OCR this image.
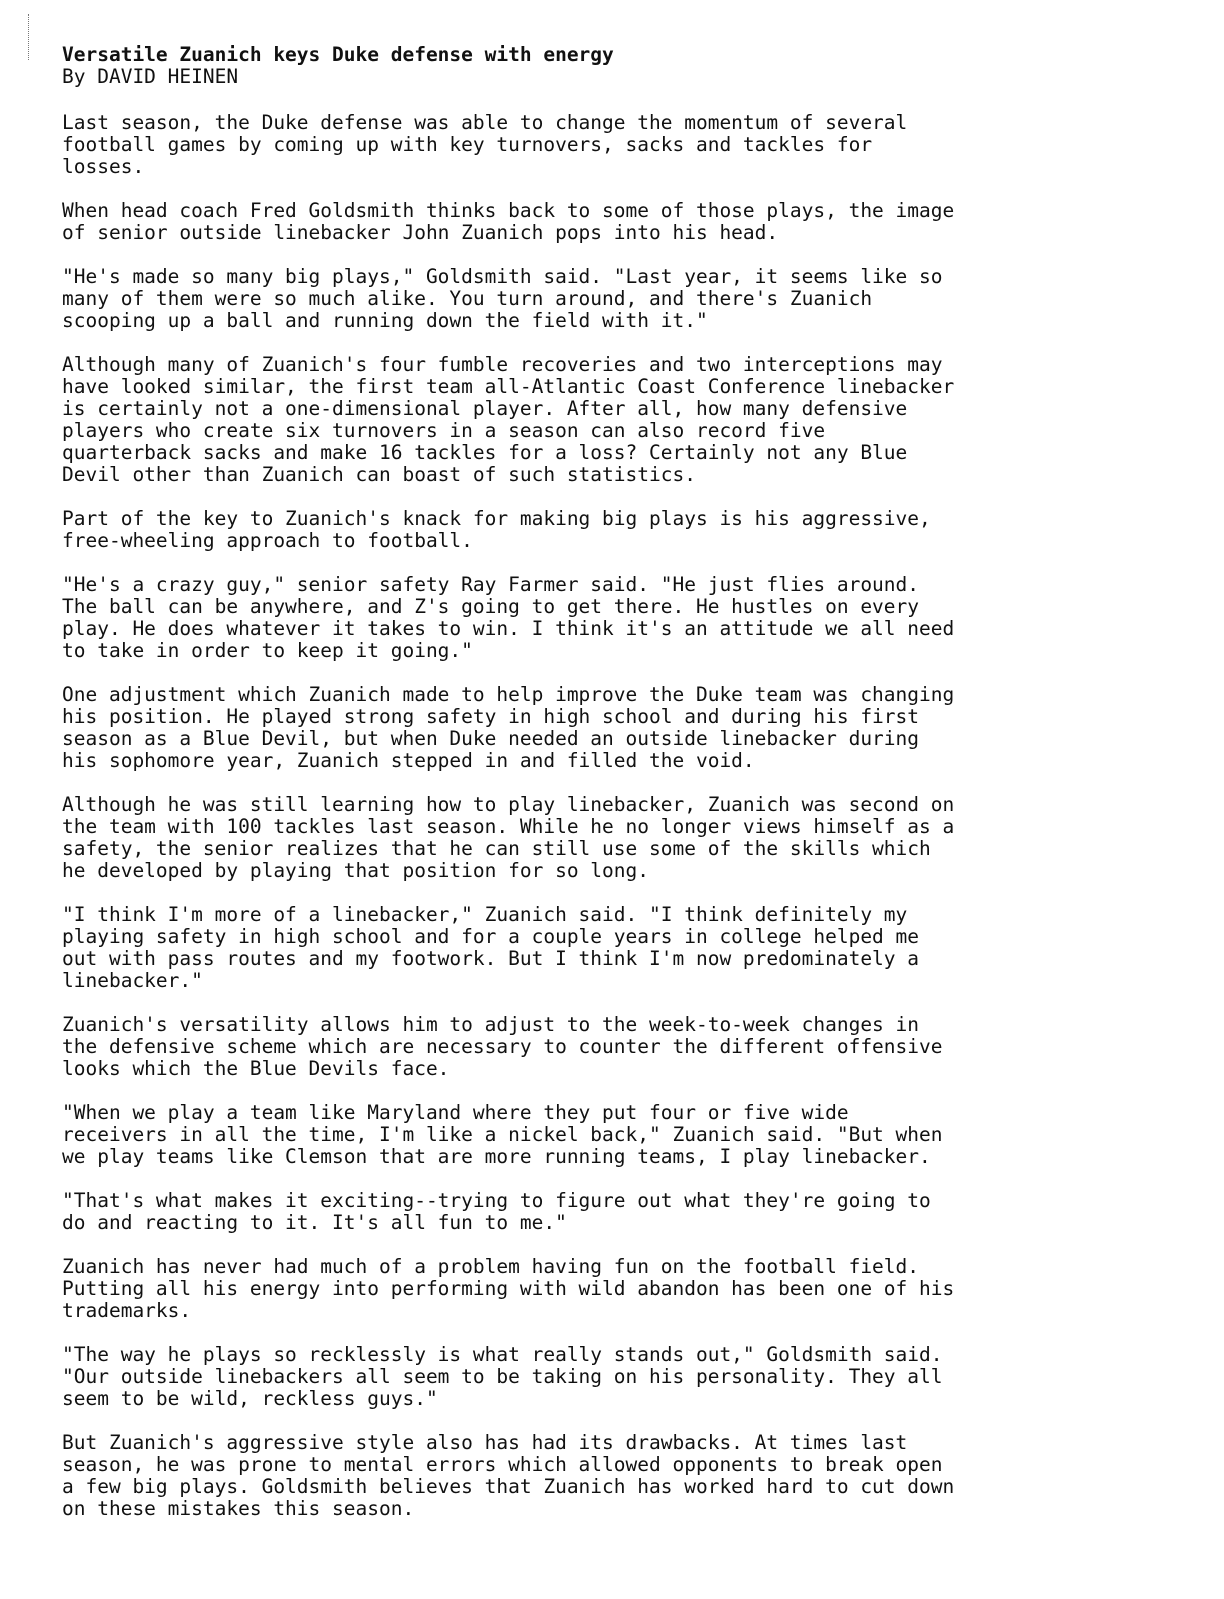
Versatile Zuanich keys Duke defense with energy
By DAVID HEINEN
Last season, the Duke defense was able to change the momentum of several
football games by coming up with key turnovers, sacks and tackles for
losses.
When head coach Fred Goldsmith thinks back to some of those plays, the image
of senior outside linebacker John Zuanich pops into his head.
"He's made so many big plays," Goldsmith said. "Last year, it seems like so
many of them were so much alike. You turn around, and there's Zuanich
scooping up a ball and running down the field with it."
Although many of Zuanich's four fumble recoveries and two interceptions may
have looked similar, the first team all-Atlantic Coast Conference linebacker
is certainly not a one-dimensional player. After all, how many defensive
players who create six turnovers in a season can also record five
quarterback sacks and make 16 tackles for a loss? Certainly not any Blue
Devil other than Zuanich can boast of such statistics.
Part of the key to Zuanich's knack for making big plays is his aggressive,
free-wheeling approach to football.
"He's a crazy guy," senior safety Ray Farmer said. "He just flies around.
The ball can be anywhere, and Z's going to get there. He hustles on every
play. He does whatever it takes to win. I think it's an attitude we all need
to take in order to keep it going."
One adjustment which Zuanich made to help improve the Duke team was changing
his position. He played strong safety in high school and during his first
season as a Blue Devil, but when Duke needed an outside linebacker during
his sophomore year, Zuanich stepped in and filled the void.
Although he was still learning how to play linebacker, Zuanich was second on
the team with 100 tackles last season. While he no longer views himself as a
safety, the senior realizes that he can still use some of the skills which
he developed by playing that position for so long.
"I think I'm more of a linebacker," Zuanich said. "I think definitely my
playing safety in high school and for a couple years in college helped me
out with pass routes and my footwork. But I think I'm now predominately a
linebacker."
Zuanich's versatility allows him to adjust to the week-to-week changes in
the defensive scheme which are necessary to counter the different offensive
looks which the Blue Devils face.
"When we play a team like Maryland where they put four or five wide
receivers in all the time, I'm like a nickel back," Zuanich said. "But when
we play teams like Clemson that are more running teams, I play linebacker.
"That's what makes it exciting--trying to figure out what they're going to
do and reacting to it. It's all fun to me."
Zuanich has never had much of a problem having fun on the football field.
Putting all his energy into performing with wild abandon has been one of his
trademarks.
"The way he plays so recklessly is what really stands out," Goldsmith said.
"Our outside linebackers all seem to be taking on his personality. They all
seem to be wild, reckless guys."
But Zuanich's aggressive style also has had its drawbacks. At times last
season, he was prone to mental errors which allowed opponents to break open
a few big plays. Goldsmith believes that Zuanich has worked hard to cut down
on these mistakes this season.
